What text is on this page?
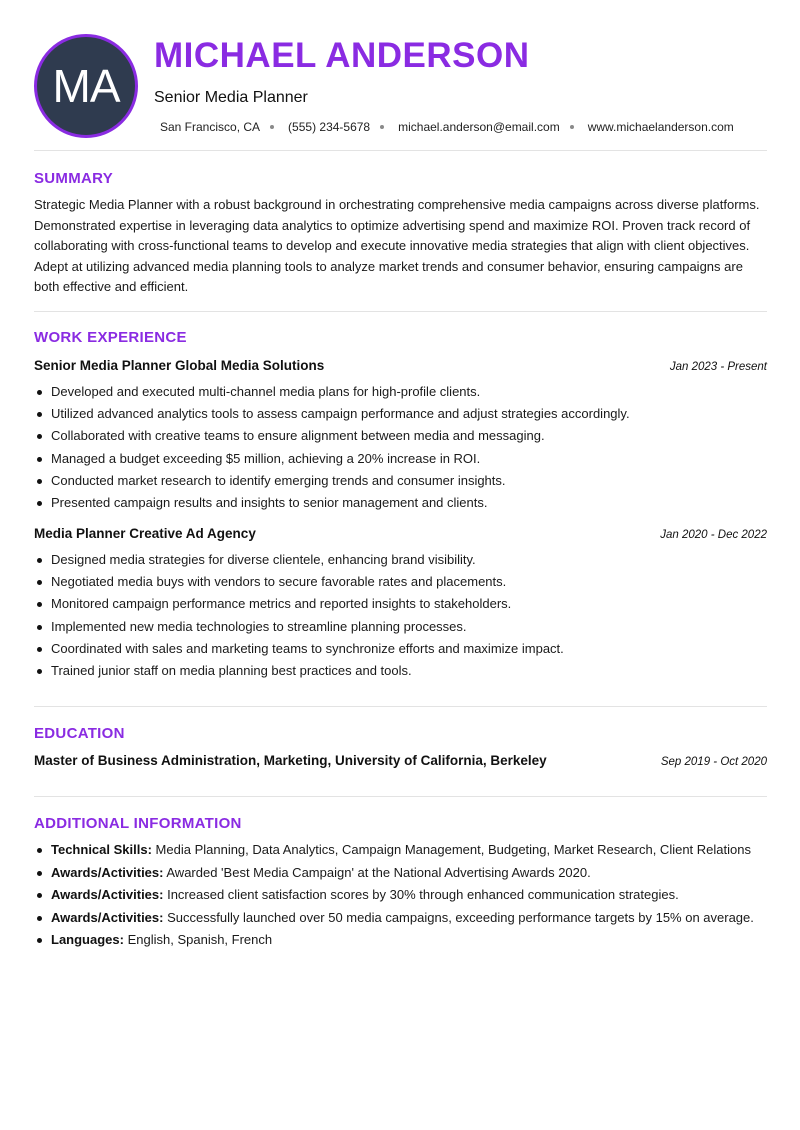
MA
MICHAEL ANDERSON
Senior Media Planner
San Francisco, CA (555) 234-5678 michael.anderson@email.com www.michaelanderson.com
SUMMARY

Strategic Media Planner with a robust background in orchestrating comprehensive media campaigns across diverse platforms. Demonstrated expertise in leveraging data analytics to optimize advertising spend and maximize ROI. Proven track record of collaborating with cross-functional teams to develop and execute innovative media strategies that align with client objectives. Adept at utilizing advanced media planning tools to analyze market trends and consumer behavior, ensuring campaigns are both effective and efficient.

WORK EXPERIENCE
Senior Media Planner Global Media Solutions	Jan 2023 - Present
Developed and executed multi-channel media plans for high-profile clients.
Utilized advanced analytics tools to assess campaign performance and adjust strategies accordingly.
Collaborated with creative teams to ensure alignment between media and messaging.
Managed a budget exceeding $5 million, achieving a 20% increase in ROI.
Conducted market research to identify emerging trends and consumer insights.
Presented campaign results and insights to senior management and clients.
Media Planner Creative Ad Agency	Jan 2020 - Dec 2022
Designed media strategies for diverse clientele, enhancing brand visibility.
Negotiated media buys with vendors to secure favorable rates and placements.
Monitored campaign performance metrics and reported insights to stakeholders.
Implemented new media technologies to streamline planning processes.
Coordinated with sales and marketing teams to synchronize efforts and maximize impact.
Trained junior staff on media planning best practices and tools.
EDUCATION
Master of Business Administration, Marketing, University of California, Berkeley	Sep 2019 - Oct 2020
ADDITIONAL INFORMATION
Technical Skills: Media Planning, Data Analytics, Campaign Management, Budgeting, Market Research, Client Relations
Awards/Activities: Awarded 'Best Media Campaign' at the National Advertising Awards 2020.
Awards/Activities: Increased client satisfaction scores by 30% through enhanced communication strategies.
Awards/Activities: Successfully launched over 50 media campaigns, exceeding performance targets by 15% on average.
Languages: English, Spanish, French
